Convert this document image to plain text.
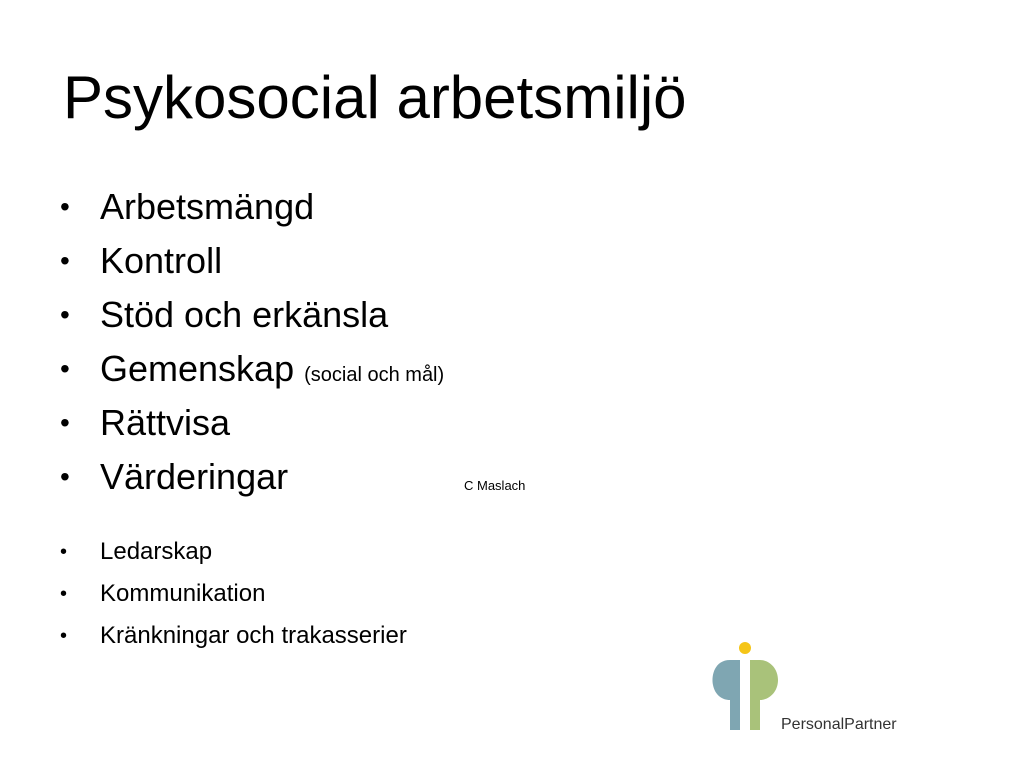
Psykosocial arbetsmiljö
• Arbetsmängd
• Kontroll
• Stöd och erkänsla
• Gemenskap (social och mål)
• Rättvisa
• Värderingar	C Maslach
• Ledarskap
• Kommunikation
• Kränkningar och trakasserier
PersonalPartner
